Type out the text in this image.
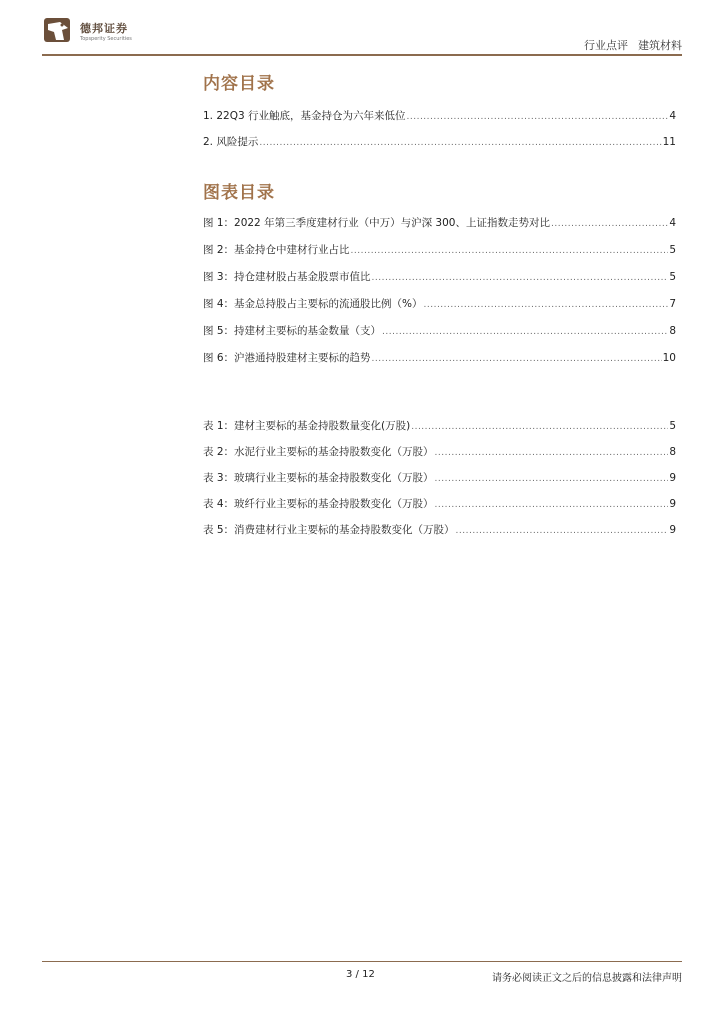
德邦证券
Topsperity Securities	行业点评 建筑材料
内容目录
1. 22Q3 行业触底，基金持仓为六年来低位 .....	4
2. 风险提示 .....	11
图表目录
图 1：2022 年第三季度建材行业（中万）与沪深 300、上证指数走势对比 .....	4
图 2：基金持仓中建材行业占比 .....	5
图 3：持仓建材股占基金股票市值比 .....	5
图 4：基金总持股占主要标的流通股比例（%） .....	7
图 5：持建材主要标的基金数量（支） .....	8
图 6：沪港通持股建材主要标的趋势 .....	10
表 1：建材主要标的基金持股数量变化(万股) .....	5
表 2：水泥行业主要标的基金持股数变化（万股） .....	8
表 3：玻璃行业主要标的基金持股数变化（万股） .....	9
表 4：玻纤行业主要标的基金持股数变化（万股） .....	9
表 5：消费建材行业主要标的基金持股数变化（万股） .....	9
3 / 12	请务必阅读正文之后的信息披露和法律声明
